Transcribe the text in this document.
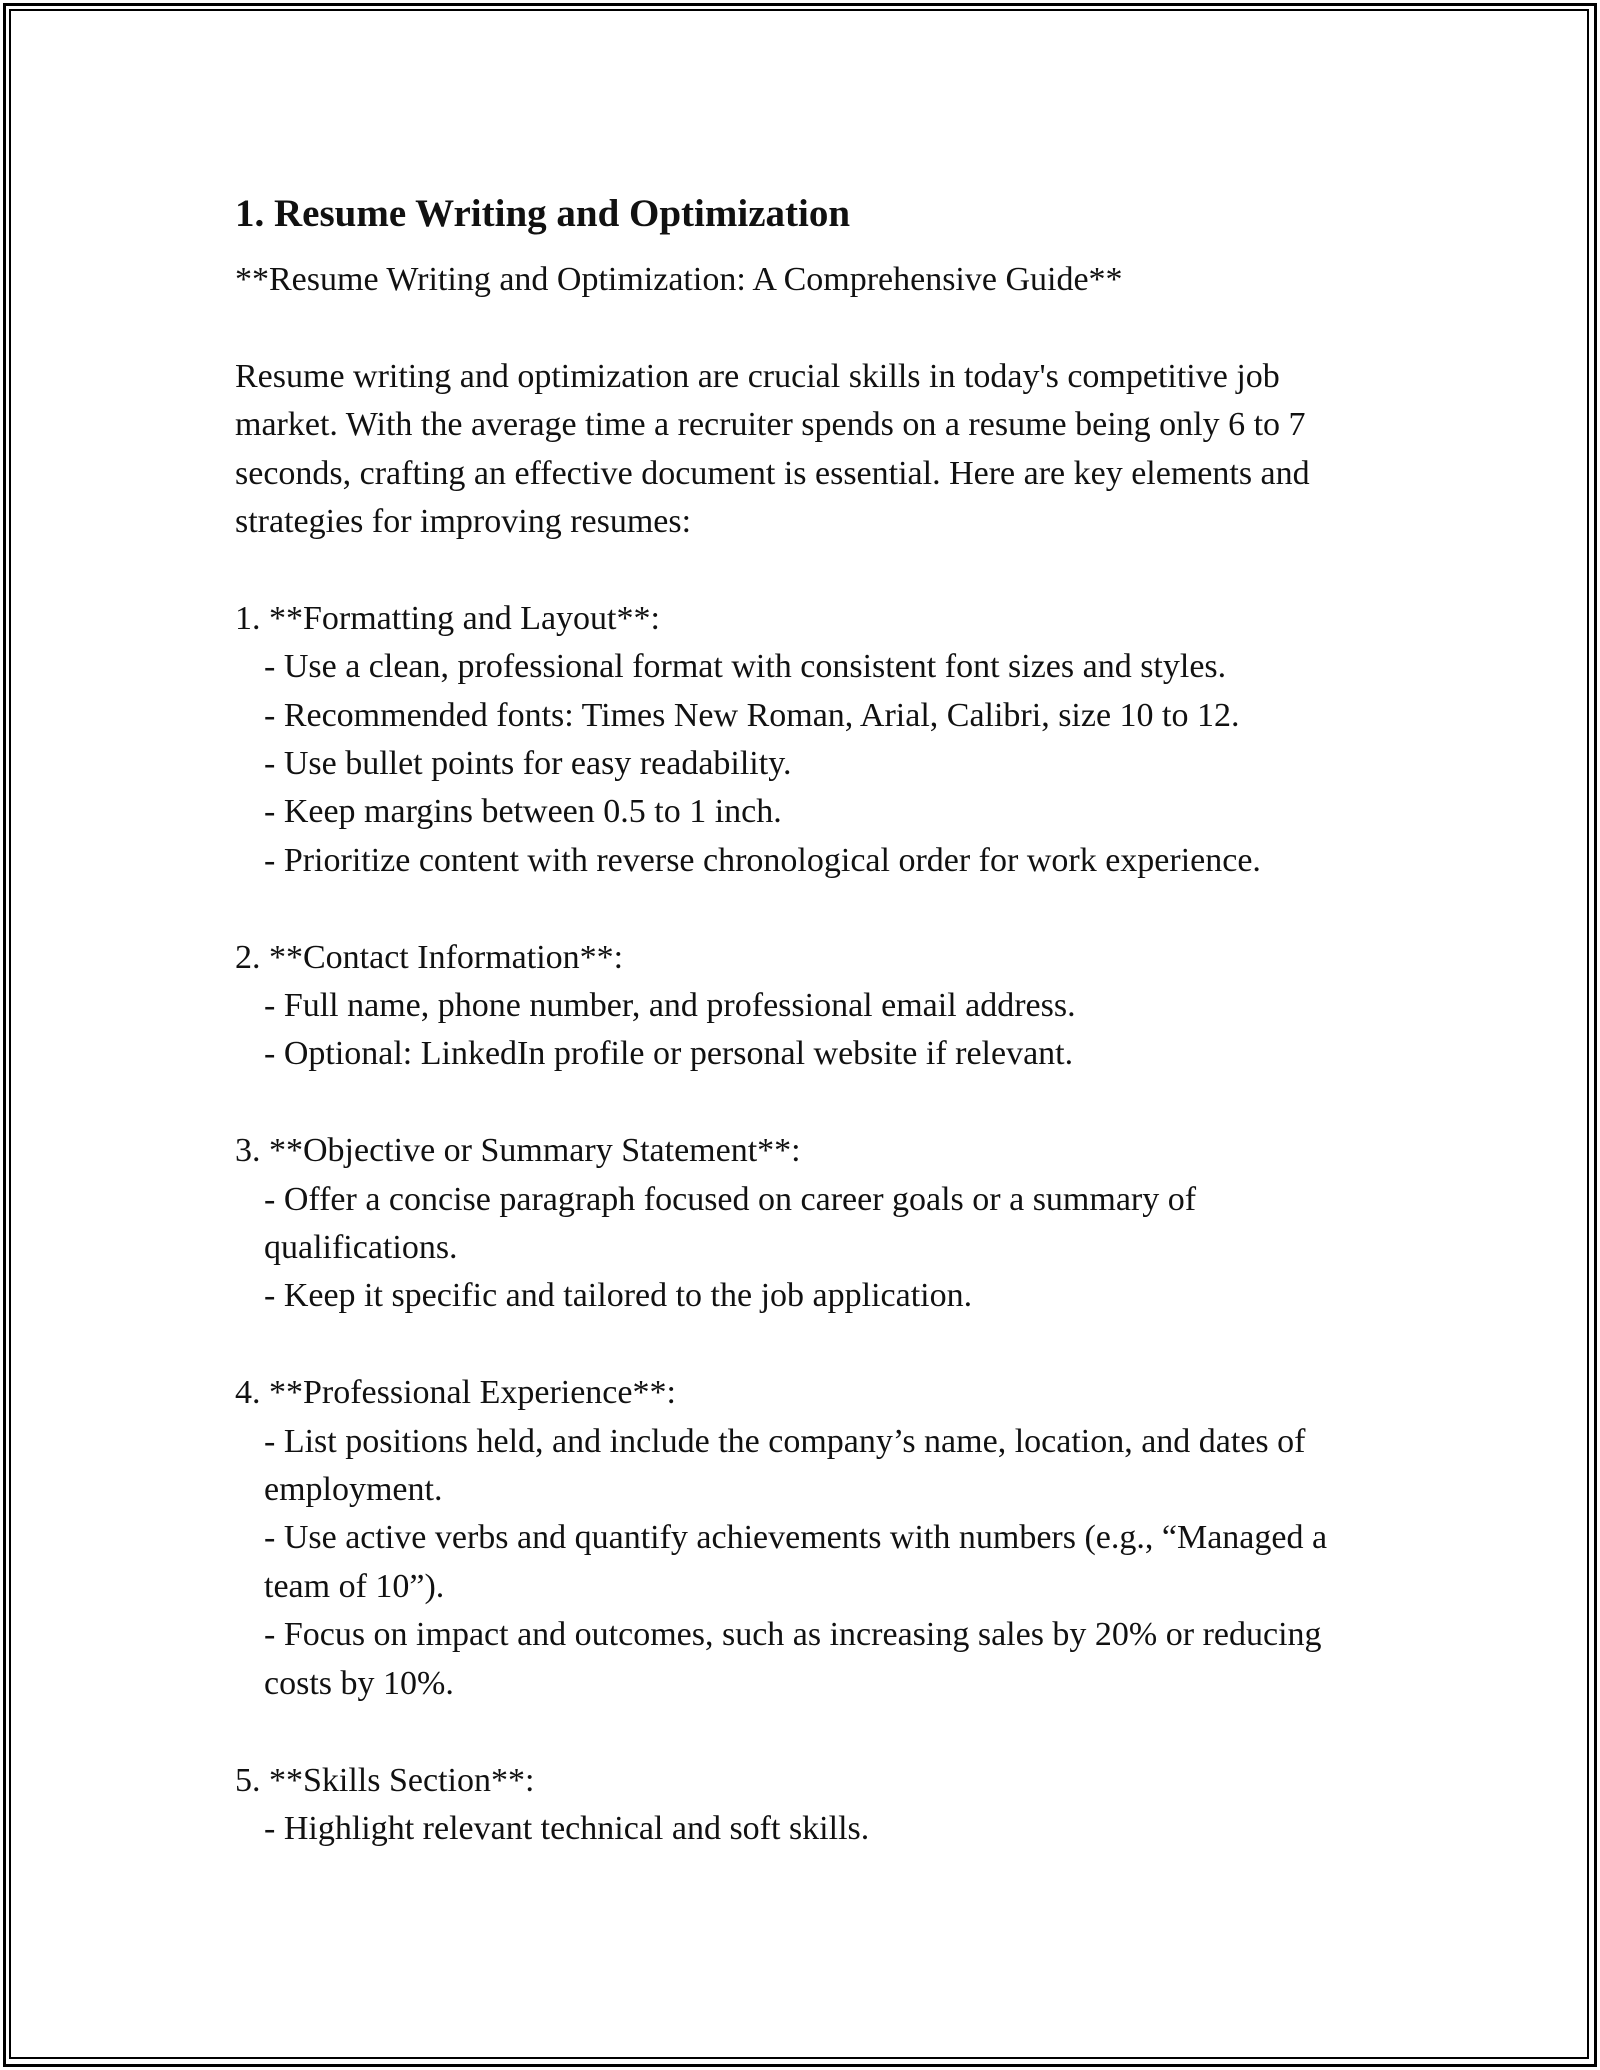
1. Resume Writing and Optimization

**Resume Writing and Optimization: A Comprehensive Guide**

Resume writing and optimization are crucial skills in today's competitive job market. With the average time a recruiter spends on a resume being only 6 to 7 seconds, crafting an effective document is essential. Here are key elements and strategies for improving resumes:

1. **Formatting and Layout**:

- Use a clean, professional format with consistent font sizes and styles.

- Recommended fonts: Times New Roman, Arial, Calibri, size 10 to 12.

- Use bullet points for easy readability.

- Keep margins between 0.5 to 1 inch.

- Prioritize content with reverse chronological order for work experience.

2. **Contact Information**:

- Full name, phone number, and professional email address.

- Optional: LinkedIn profile or personal website if relevant.

3. **Objective or Summary Statement**:

- Offer a concise paragraph focused on career goals or a summary of qualifications.

- Keep it specific and tailored to the job application.

4. **Professional Experience**:

- List positions held, and include the company’s name, location, and dates of employment.

- Use active verbs and quantify achievements with numbers (e.g., “Managed a team of 10”).

- Focus on impact and outcomes, such as increasing sales by 20% or reducing costs by 10%.

5. **Skills Section**:

- Highlight relevant technical and soft skills.
